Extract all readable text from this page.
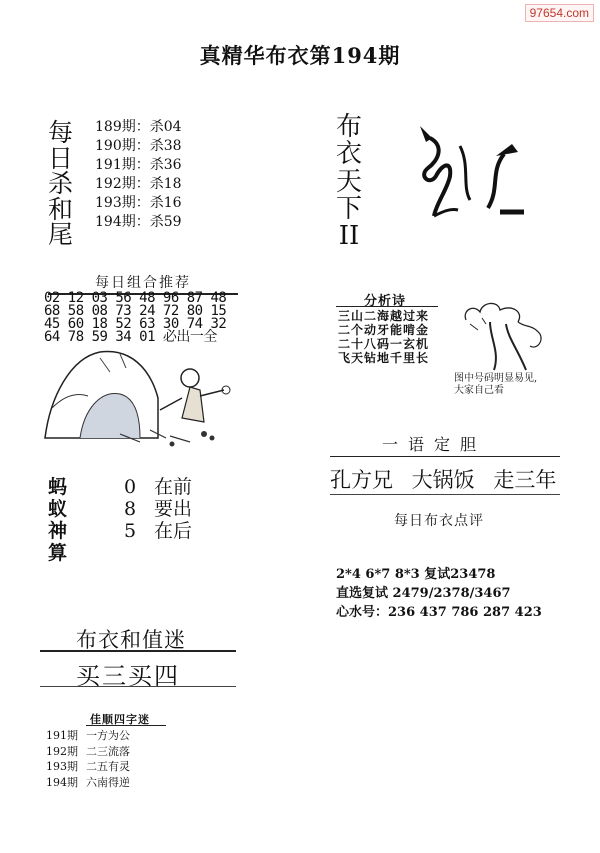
97654.com
真精华布衣第194期
每
日
杀
和
尾
189期：杀04
190期：杀38
191期：杀36
192期：杀18
193期：杀16
194期：杀59
布
衣
天
下
II
每日组合推荐
02 12 03 56 48 96 87 48
68 58 08 73 24 72 80 15
45 60 18 52 63 30 74 32
64 78 59 34 01 必出一全
分析诗
三山二海越过来
二个动牙能啃金
二十八码一玄机
飞天钻地千里长
图中号码明显易见,
大家自己看
一语定胆
孔方兄 大锅饭 走三年
每日布衣点评
2*4 6*7 8*3 复试23478
直选复试 2479/2378/3467
心水号：236 437 786 287 423
蚂
蚁
神
算
0 在前
8 要出
5 在后
布衣和值迷
买三买四
佳顺四字迷
191期 一方为公
192期 二三流落
193期 二五有灵
194期 六南得逆
